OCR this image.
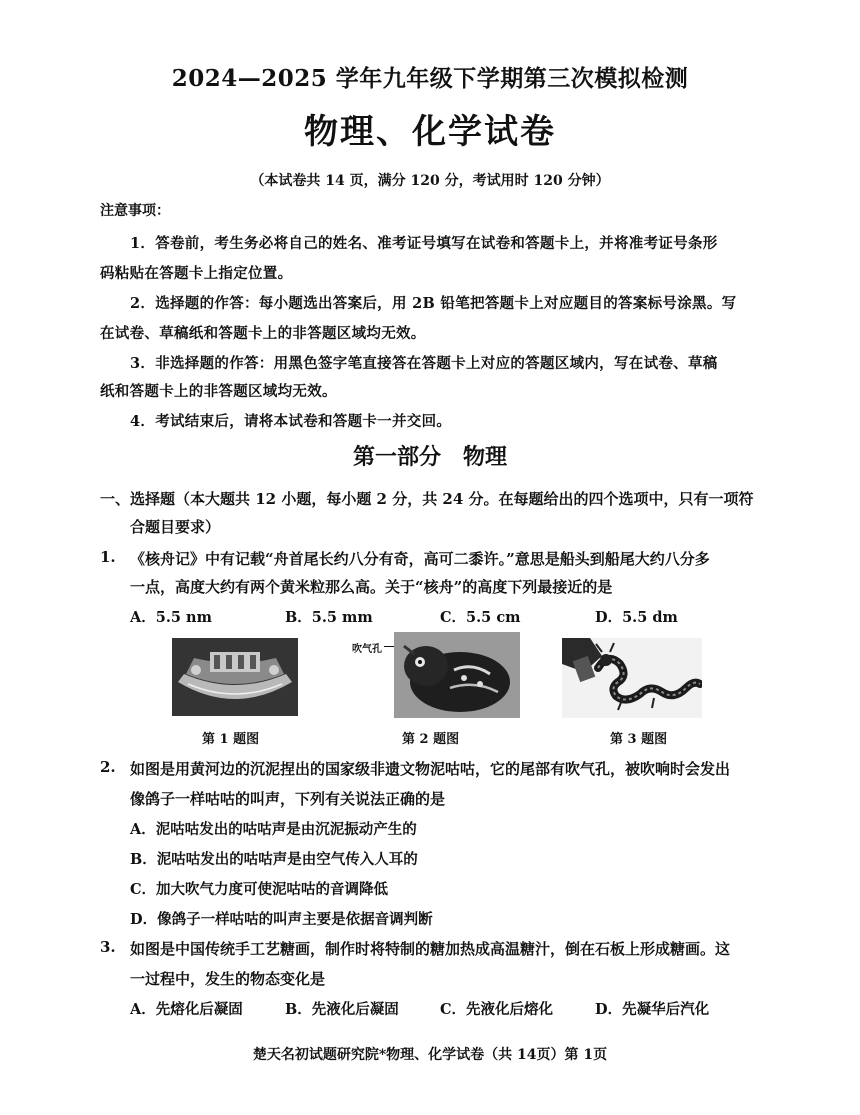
2024—2025 学年九年级下学期第三次模拟检测
物理、化学试卷
（本试卷共 14 页，满分 120 分，考试用时 120 分钟）
注意事项：
1．答卷前，考生务必将自己的姓名、准考证号填写在试卷和答题卡上，并将准考证号条形
码粘贴在答题卡上指定位置。
2．选择题的作答：每小题选出答案后，用 2B 铅笔把答题卡上对应题目的答案标号涂黑。写
在试卷、草稿纸和答题卡上的非答题区域均无效。
3．非选择题的作答：用黑色签字笔直接答在答题卡上对应的答题区域内，写在试卷、草稿
纸和答题卡上的非答题区域均无效。
4．考试结束后，请将本试卷和答题卡一并交回。
第一部分　物理
一、选择题（本大题共 12 小题，每小题 2 分，共 24 分。在每题给出的四个选项中，只有一项符
合题目要求）
1. 《核舟记》中有记载“舟首尾长约八分有奇，高可二黍许。”意思是船头到船尾大约八分多
一点，高度大约有两个黄米粒那么高。关于“核舟”的高度下列最接近的是
A．5.5 nm	B．5.5 mm	C．5.5 cm	D．5.5 dm
吹气孔
第 1 题图	第 2 题图	第 3 题图
2. 如图是用黄河边的沉泥捏出的国家级非遗文物泥咕咕，它的尾部有吹气孔，被吹响时会发出
像鸽子一样咕咕的叫声，下列有关说法正确的是
A．泥咕咕发出的咕咕声是由沉泥振动产生的
B．泥咕咕发出的咕咕声是由空气传入人耳的
C．加大吹气力度可使泥咕咕的音调降低
D．像鸽子一样咕咕的叫声主要是依据音调判断
3. 如图是中国传统手工艺糖画，制作时将特制的糖加热成高温糖汁，倒在石板上形成糖画。这
一过程中，发生的物态变化是
A．先熔化后凝固	B．先液化后凝固	C．先液化后熔化	D．先凝华后汽化
楚天名初试题研究院*物理、化学试卷（共 14页）第 1页
